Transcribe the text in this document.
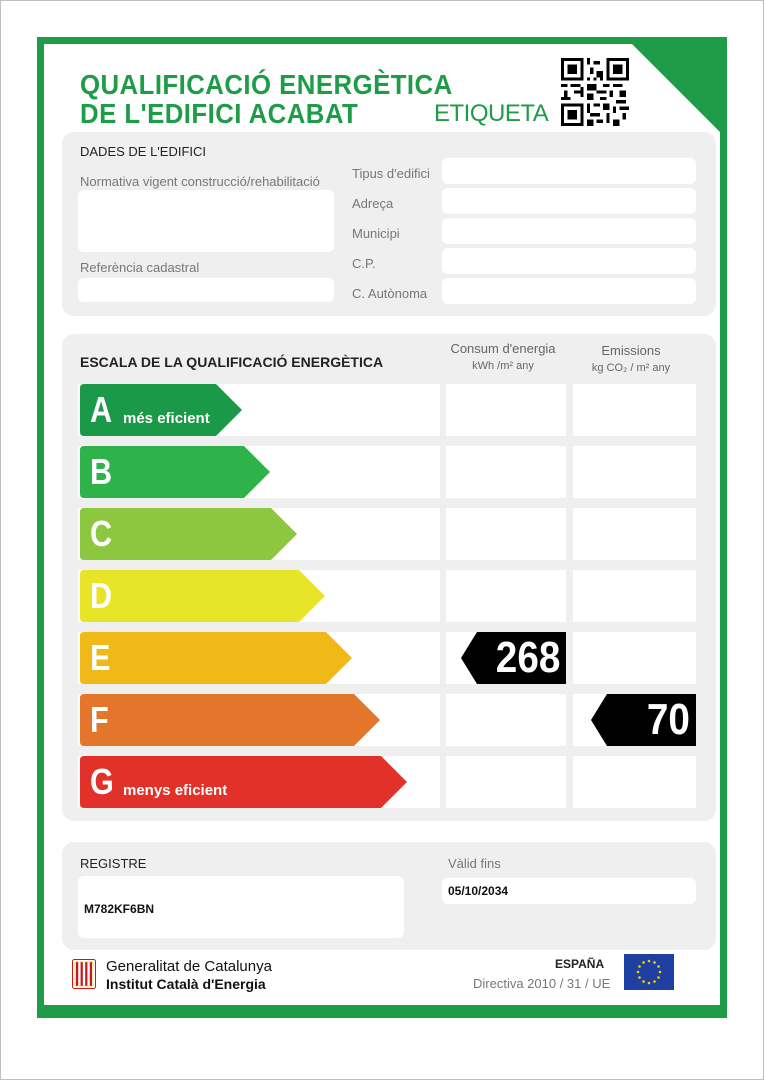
QUALIFICACIÓ ENERGÈTICA
DE L'EDIFICI ACABAT	ETIQUETA
DADES DE L'EDIFICI
Normativa vigent construcció/rehabilitació
Referència cadastral
Tipus d'edifici
Adreça
Municipi
C.P.
C. Autònoma
ESCALA DE LA QUALIFICACIÓ ENERGÈTICA
Consum d'energia
kWh /m² any
Emissions
kg CO₂ / m² any
A més eficient
B
C
D
E
F
G menys eficient
268
70
REGISTRE
M782KF6BN
Vàlid fins
05/10/2034
Generalitat de Catalunya
Institut Català d'Energia
ESPAÑA
Directiva 2010 / 31 / UE
